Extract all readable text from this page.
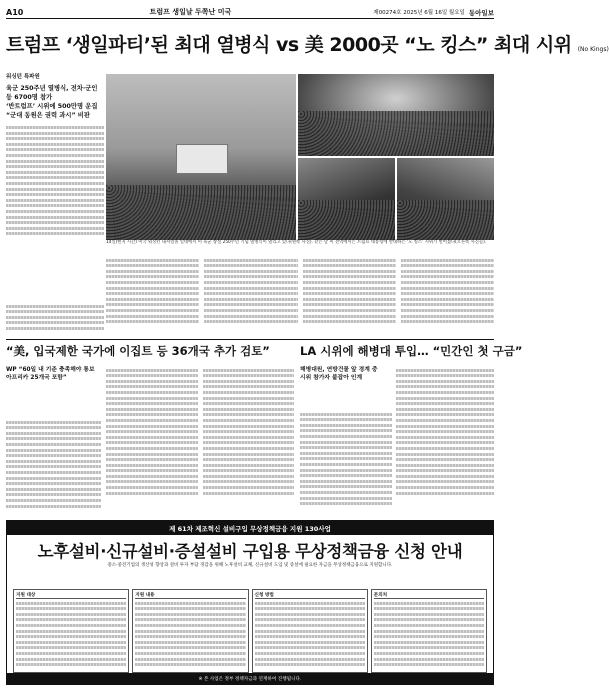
A10	트럼프 생일날 두쪽난 미국	제00274호 2025년 6월 16일 월요일 동아일보
트럼프 ‘생일파티’된 최대 열병식 vs 美 2000곳 “노 킹스” 최대 시위 (No Kings)
워싱턴 특파원
육군 250주년 열병식, 전차·군인 등 6700명 참가
‘반트럼프’ 시위에 500만명 운집
“군대 동원은 권력 과시” 비판
14일(현지 시간) 미국 워싱턴 내셔널몰 일대에서 미 육군 창설 250주년 기념 열병식이 열리고 있다(왼쪽 사진). 같은 날 미 전역에서는 트럼프 대통령에 반대하는 ‘노 킹스’ 시위가 벌어졌다(오른쪽 사진들).
“美, 입국제한 국가에 이집트 등 36개국 추가 검토”	LA 시위에 해병대 투입… “민간인 첫 구금”
WP “60일 내 기준 충족해야 통보
아프리카 25개국 포함”
해병대원, 연방건물 앞 경계 중
시위 참가자 붙잡아 인계
제 61차 제조혁신 설비구입 무상정책금융 지원 130사업
노후설비·신규설비·증설설비 구입용 무상정책금융 신청 안내
중소·중견기업의 생산성 향상과 설비 투자 부담 경감을 위해 노후설비 교체, 신규설비 도입 및 증설에 필요한 자금을 무상정책금융으로 지원합니다.
지원 대상	지원 내용	신청 방법	문의처
※ 본 사업은 정부 정책자금과 연계하여 진행됩니다.
